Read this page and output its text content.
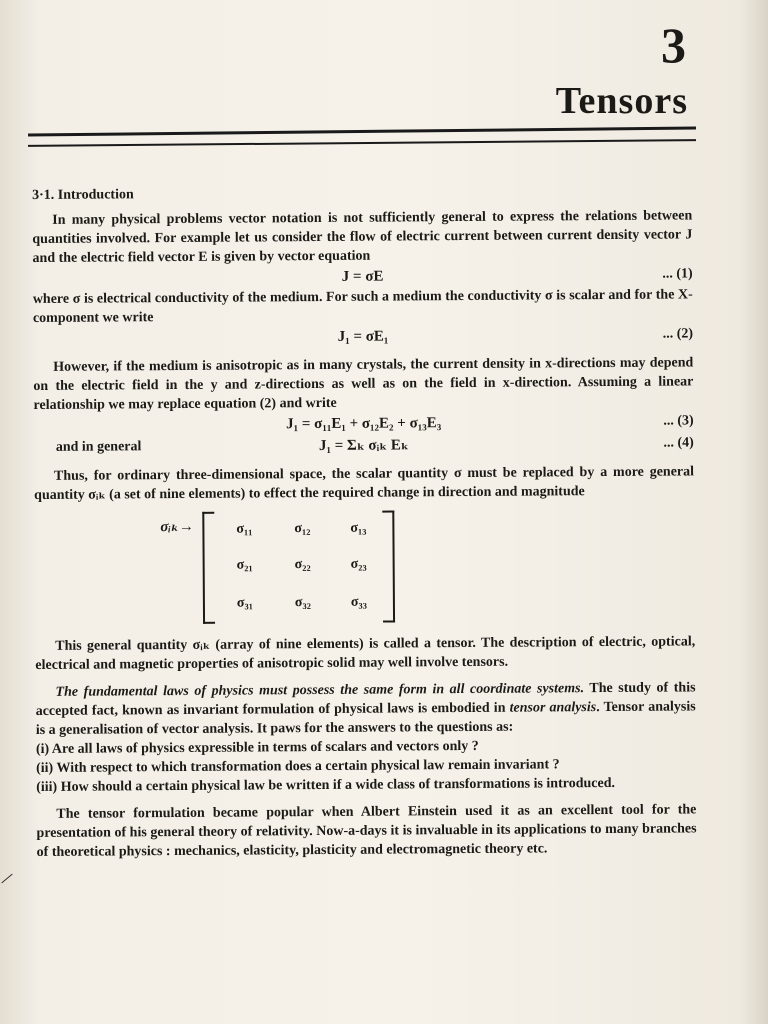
3
Tensors
3·1. Introduction

In many physical problems vector notation is not sufficiently general to express the relations between quantities involved. For example let us consider the flow of electric current between current density vector J and the electric field vector E is given by vector equation

J = σE	... (1)

where σ is electrical conductivity of the medium. For such a medium the conductivity σ is scalar and for the X-component we write

J₁ = σE₁	... (2)

However, if the medium is anisotropic as in many crystals, the current density in x-directions may depend on the electric field in the y and z-directions as well as on the field in x-direction. Assuming a linear relationship we may replace equation (2) and write

J₁ = σ₁₁E₁ + σ₁₂E₂ + σ₁₃E₃	... (3)
and in general	J₁ = Σₖ σᵢₖ Eₖ	... (4)

Thus, for ordinary three-dimensional space, the scalar quantity σ must be replaced by a more general quantity σᵢₖ (a set of nine elements) to effect the required change in direction and magnitude

σᵢₖ→	σ₁₁	σ₁₂	σ₁₃
σ₂₁	σ₂₂	σ₂₃
σ₃₁	σ₃₂	σ₃₃

This general quantity σᵢₖ (array of nine elements) is called a tensor. The description of electric, optical, electrical and magnetic properties of anisotropic solid may well involve tensors.

The fundamental laws of physics must possess the same form in all coordinate systems. The study of this accepted fact, known as invariant formulation of physical laws is embodied in tensor analysis. Tensor analysis is a generalisation of vector analysis. It paws for the answers to the questions as:

(i) Are all laws of physics expressible in terms of scalars and vectors only ?

(ii) With respect to which transformation does a certain physical law remain invariant ?

(iii) How should a certain physical law be written if a wide class of transformations is introduced.

The tensor formulation became popular when Albert Einstein used it as an excellent tool for the presentation of his general theory of relativity. Now-a-days it is invaluable in its applications to many branches of theoretical physics : mechanics, elasticity, plasticity and electromagnetic theory etc.
